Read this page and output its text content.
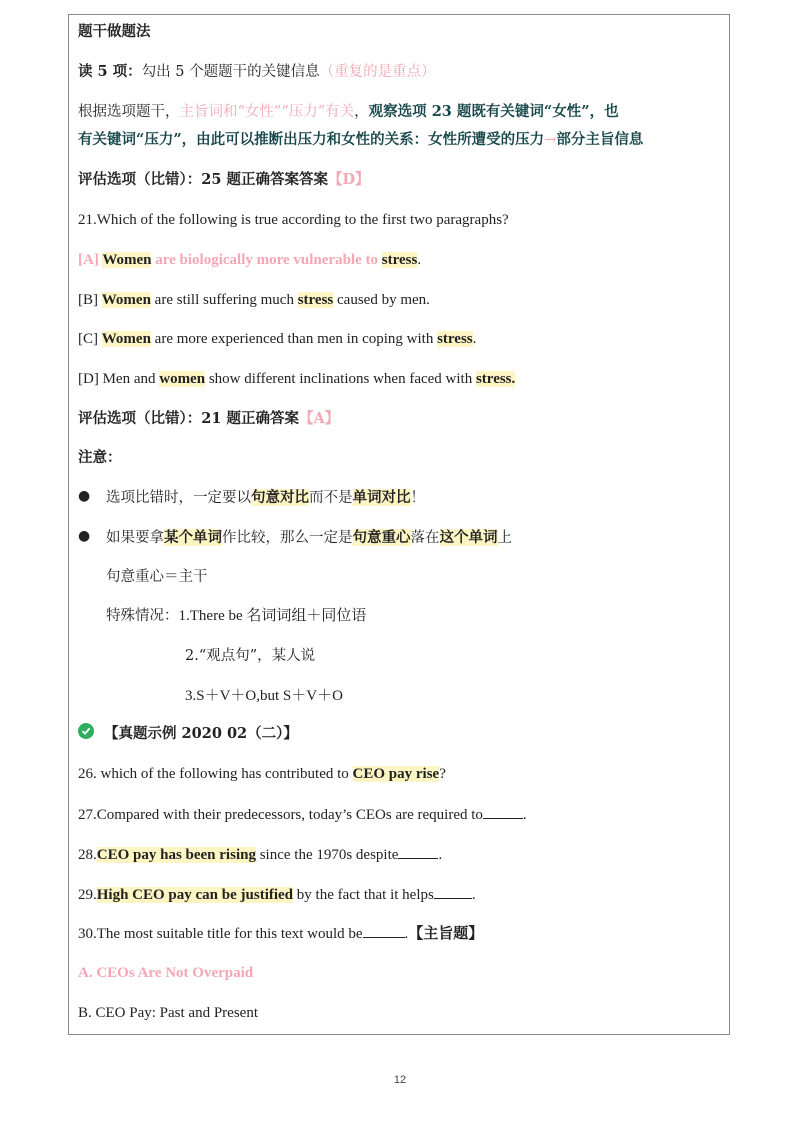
题干做题法
读 5 项：勾出 5 个题题干的关键信息（重复的是重点）
根据选项题干，主旨词和“女性”“压力”有关，观察选项 23 题既有关键词“女性”，也
有关键词“压力”，由此可以推断出压力和女性的关系：女性所遭受的压力→部分主旨信息
评估选项（比错）：25 题正确答案答案【D】
21.Which of the following is true according to the first two paragraphs?
[A] Women are biologically more vulnerable to stress.
[B] Women are still suffering much stress caused by men.
[C] Women are more experienced than men in coping with stress.
[D] Men and women show different inclinations when faced with stress.
评估选项（比错）：21 题正确答案【A】
注意：
● 选项比错时，一定要以句意对比而不是单词对比！
● 如果要拿某个单词作比较，那么一定是句意重心落在这个单词上
句意重心＝主干
特殊情况：1.There be 名词词组＋同位语
2.“观点句”，某人说
3.S＋V＋O,but S＋V＋O
【真题示例 2020 02（二）】
26. which of the following has contributed to CEO pay rise?
27.Compared with their predecessors, today’s CEOs are required to	.
28.CEO pay has been rising since the 1970s despite	.
29.High CEO pay can be justified by the fact that it helps	.
30.The most suitable title for this text would be	.【主旨题】
A. CEOs Are Not Overpaid
B. CEO Pay: Past and Present
12
